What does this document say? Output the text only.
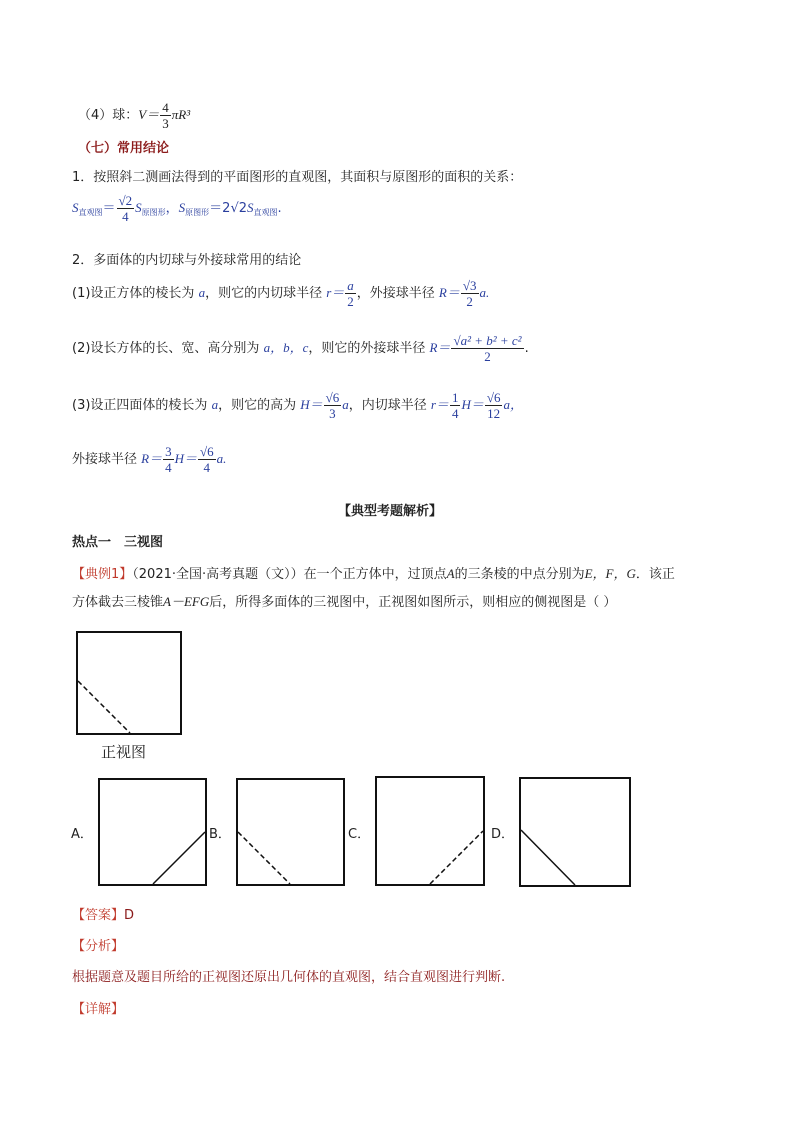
（4）球：$V= \frac{4}{3} \pi R^3$
（七）常用结论
1．按照斜二测画法得到的平面图形的直观图，其面积与原图形的面积的关系：
$S_{直观图}= \frac{√2}{4} S_{原图形}$，$S_{原图形}=2√2S_{直观图}$.
2．多面体的内切球与外接球常用的结论
(1)设正方体的棱长为 a，则它的内切球半径 $r= \frac{a}{2}$ ，外接球半径 $R= \frac{√3}{2} a$.
(2)设长方体的长、宽、高分别为 a，b，c，则它的外接球半径 $R= \frac{\text{√a² + b² + c²}}{2}$ .
(3)设正四面体的棱长为 a，则它的高为 $H= \frac{√6}{3}$ a，内切球半径 $r= \frac{1}{4} H= \frac{√6}{12}$ a，
外接球半径 $R= \frac{3}{4} H= \frac{√6}{4} a$.
【典型考题解析】
热点一　三视图
【典例1】（2021·全国·高考真题（文））在一个正方体中，过顶点A的三条棱的中点分别为E，F，G．该正
方体截去三棱锥A－EFG后，所得多面体的三视图中，正视图如图所示，则相应的侧视图是（ ）
正视图
A．	B．	C．	D．
【答案】D
【分析】
根据题意及题目所给的正视图还原出几何体的直观图，结合直观图进行判断.
【详解】
